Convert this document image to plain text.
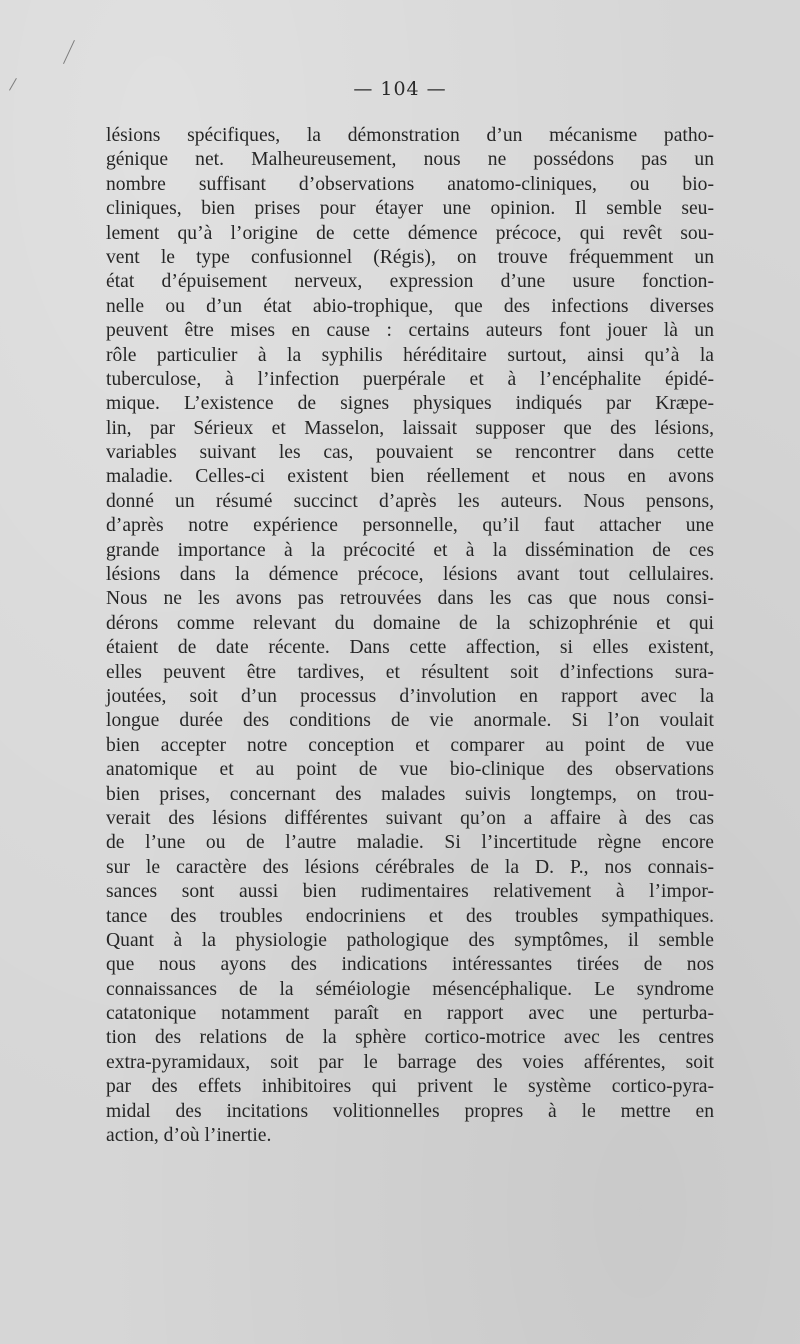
— 104 —
lésions spécifiques, la démonstration d’un mécanisme patho-
génique net. Malheureusement, nous ne possédons pas un
nombre suffisant d’observations anatomo-cliniques, ou bio-
cliniques, bien prises pour étayer une opinion. Il semble seu-
lement qu’à l’origine de cette démence précoce, qui revêt sou-
vent le type confusionnel (Régis), on trouve fréquemment un
état d’épuisement nerveux, expression d’une usure fonction-
nelle ou d’un état abio-trophique, que des infections diverses
peuvent être mises en cause : certains auteurs font jouer là un
rôle particulier à la syphilis héréditaire surtout, ainsi qu’à la
tuberculose, à l’infection puerpérale et à l’encéphalite épidé-
mique. L’existence de signes physiques indiqués par Kræpe-
lin, par Sérieux et Masselon, laissait supposer que des lésions,
variables suivant les cas, pouvaient se rencontrer dans cette
maladie. Celles-ci existent bien réellement et nous en avons
donné un résumé succinct d’après les auteurs. Nous pensons,
d’après notre expérience personnelle, qu’il faut attacher une
grande importance à la précocité et à la dissémination de ces
lésions dans la démence précoce, lésions avant tout cellulaires.
Nous ne les avons pas retrouvées dans les cas que nous consi-
dérons comme relevant du domaine de la schizophrénie et qui
étaient de date récente. Dans cette affection, si elles existent,
elles peuvent être tardives, et résultent soit d’infections sura-
joutées, soit d’un processus d’involution en rapport avec la
longue durée des conditions de vie anormale. Si l’on voulait
bien accepter notre conception et comparer au point de vue
anatomique et au point de vue bio-clinique des observations
bien prises, concernant des malades suivis longtemps, on trou-
verait des lésions différentes suivant qu’on a affaire à des cas
de l’une ou de l’autre maladie. Si l’incertitude règne encore
sur le caractère des lésions cérébrales de la D. P., nos connais-
sances sont aussi bien rudimentaires relativement à l’impor-
tance des troubles endocriniens et des troubles sympathiques.
Quant à la physiologie pathologique des symptômes, il semble
que nous ayons des indications intéressantes tirées de nos
connaissances de la séméiologie mésencéphalique. Le syndrome
catatonique notamment paraît en rapport avec une perturba-
tion des relations de la sphère cortico-motrice avec les centres
extra-pyramidaux, soit par le barrage des voies afférentes, soit
par des effets inhibitoires qui privent le système cortico-pyra-
midal des incitations volitionnelles propres à le mettre en
action, d’où l’inertie.
